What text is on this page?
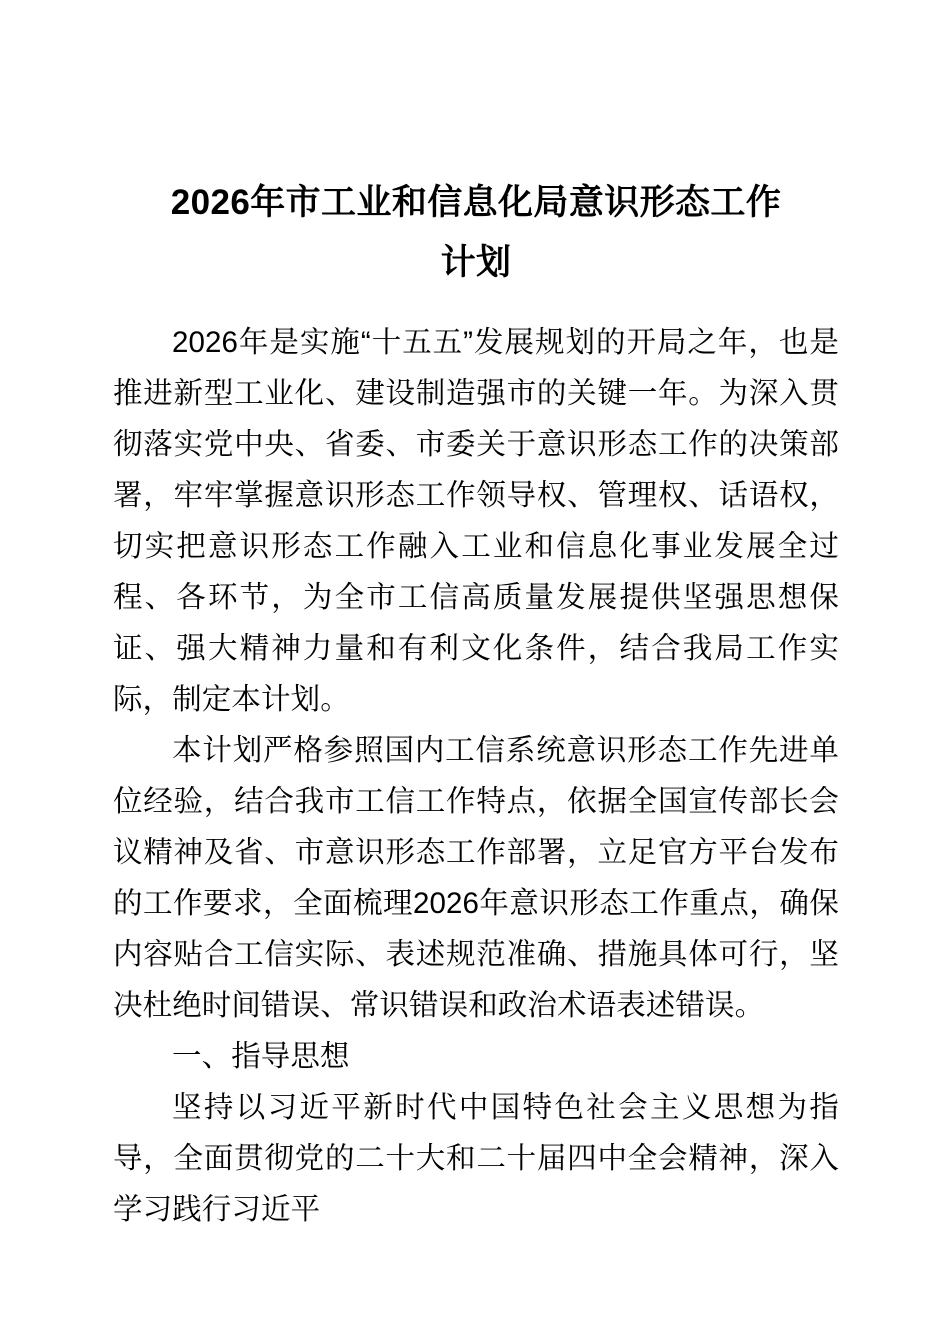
2026年市工业和信息化局意识形态工作
计划

2026年是实施“十五五”发展规划的开局之年，也是推进新型工业化、建设制造强市的关键一年。为深入贯彻落实党中央、省委、市委关于意识形态工作的决策部署，牢牢掌握意识形态工作领导权、管理权、话语权，切实把意识形态工作融入工业和信息化事业发展全过程、各环节，为全市工信高质量发展提供坚强思想保证、强大精神力量和有利文化条件，结合我局工作实际，制定本计划。

本计划严格参照国内工信系统意识形态工作先进单位经验，结合我市工信工作特点，依据全国宣传部长会议精神及省、市意识形态工作部署，立足官方平台发布的工作要求，全面梳理2026年意识形态工作重点，确保内容贴合工信实际、表述规范准确、措施具体可行，坚决杜绝时间错误、常识错误和政治术语表述错误。

一、指导思想

坚持以习近平新时代中国特色社会主义思想为指导，全面贯彻党的二十大和二十届四中全会精神，深入学习践行习近平
